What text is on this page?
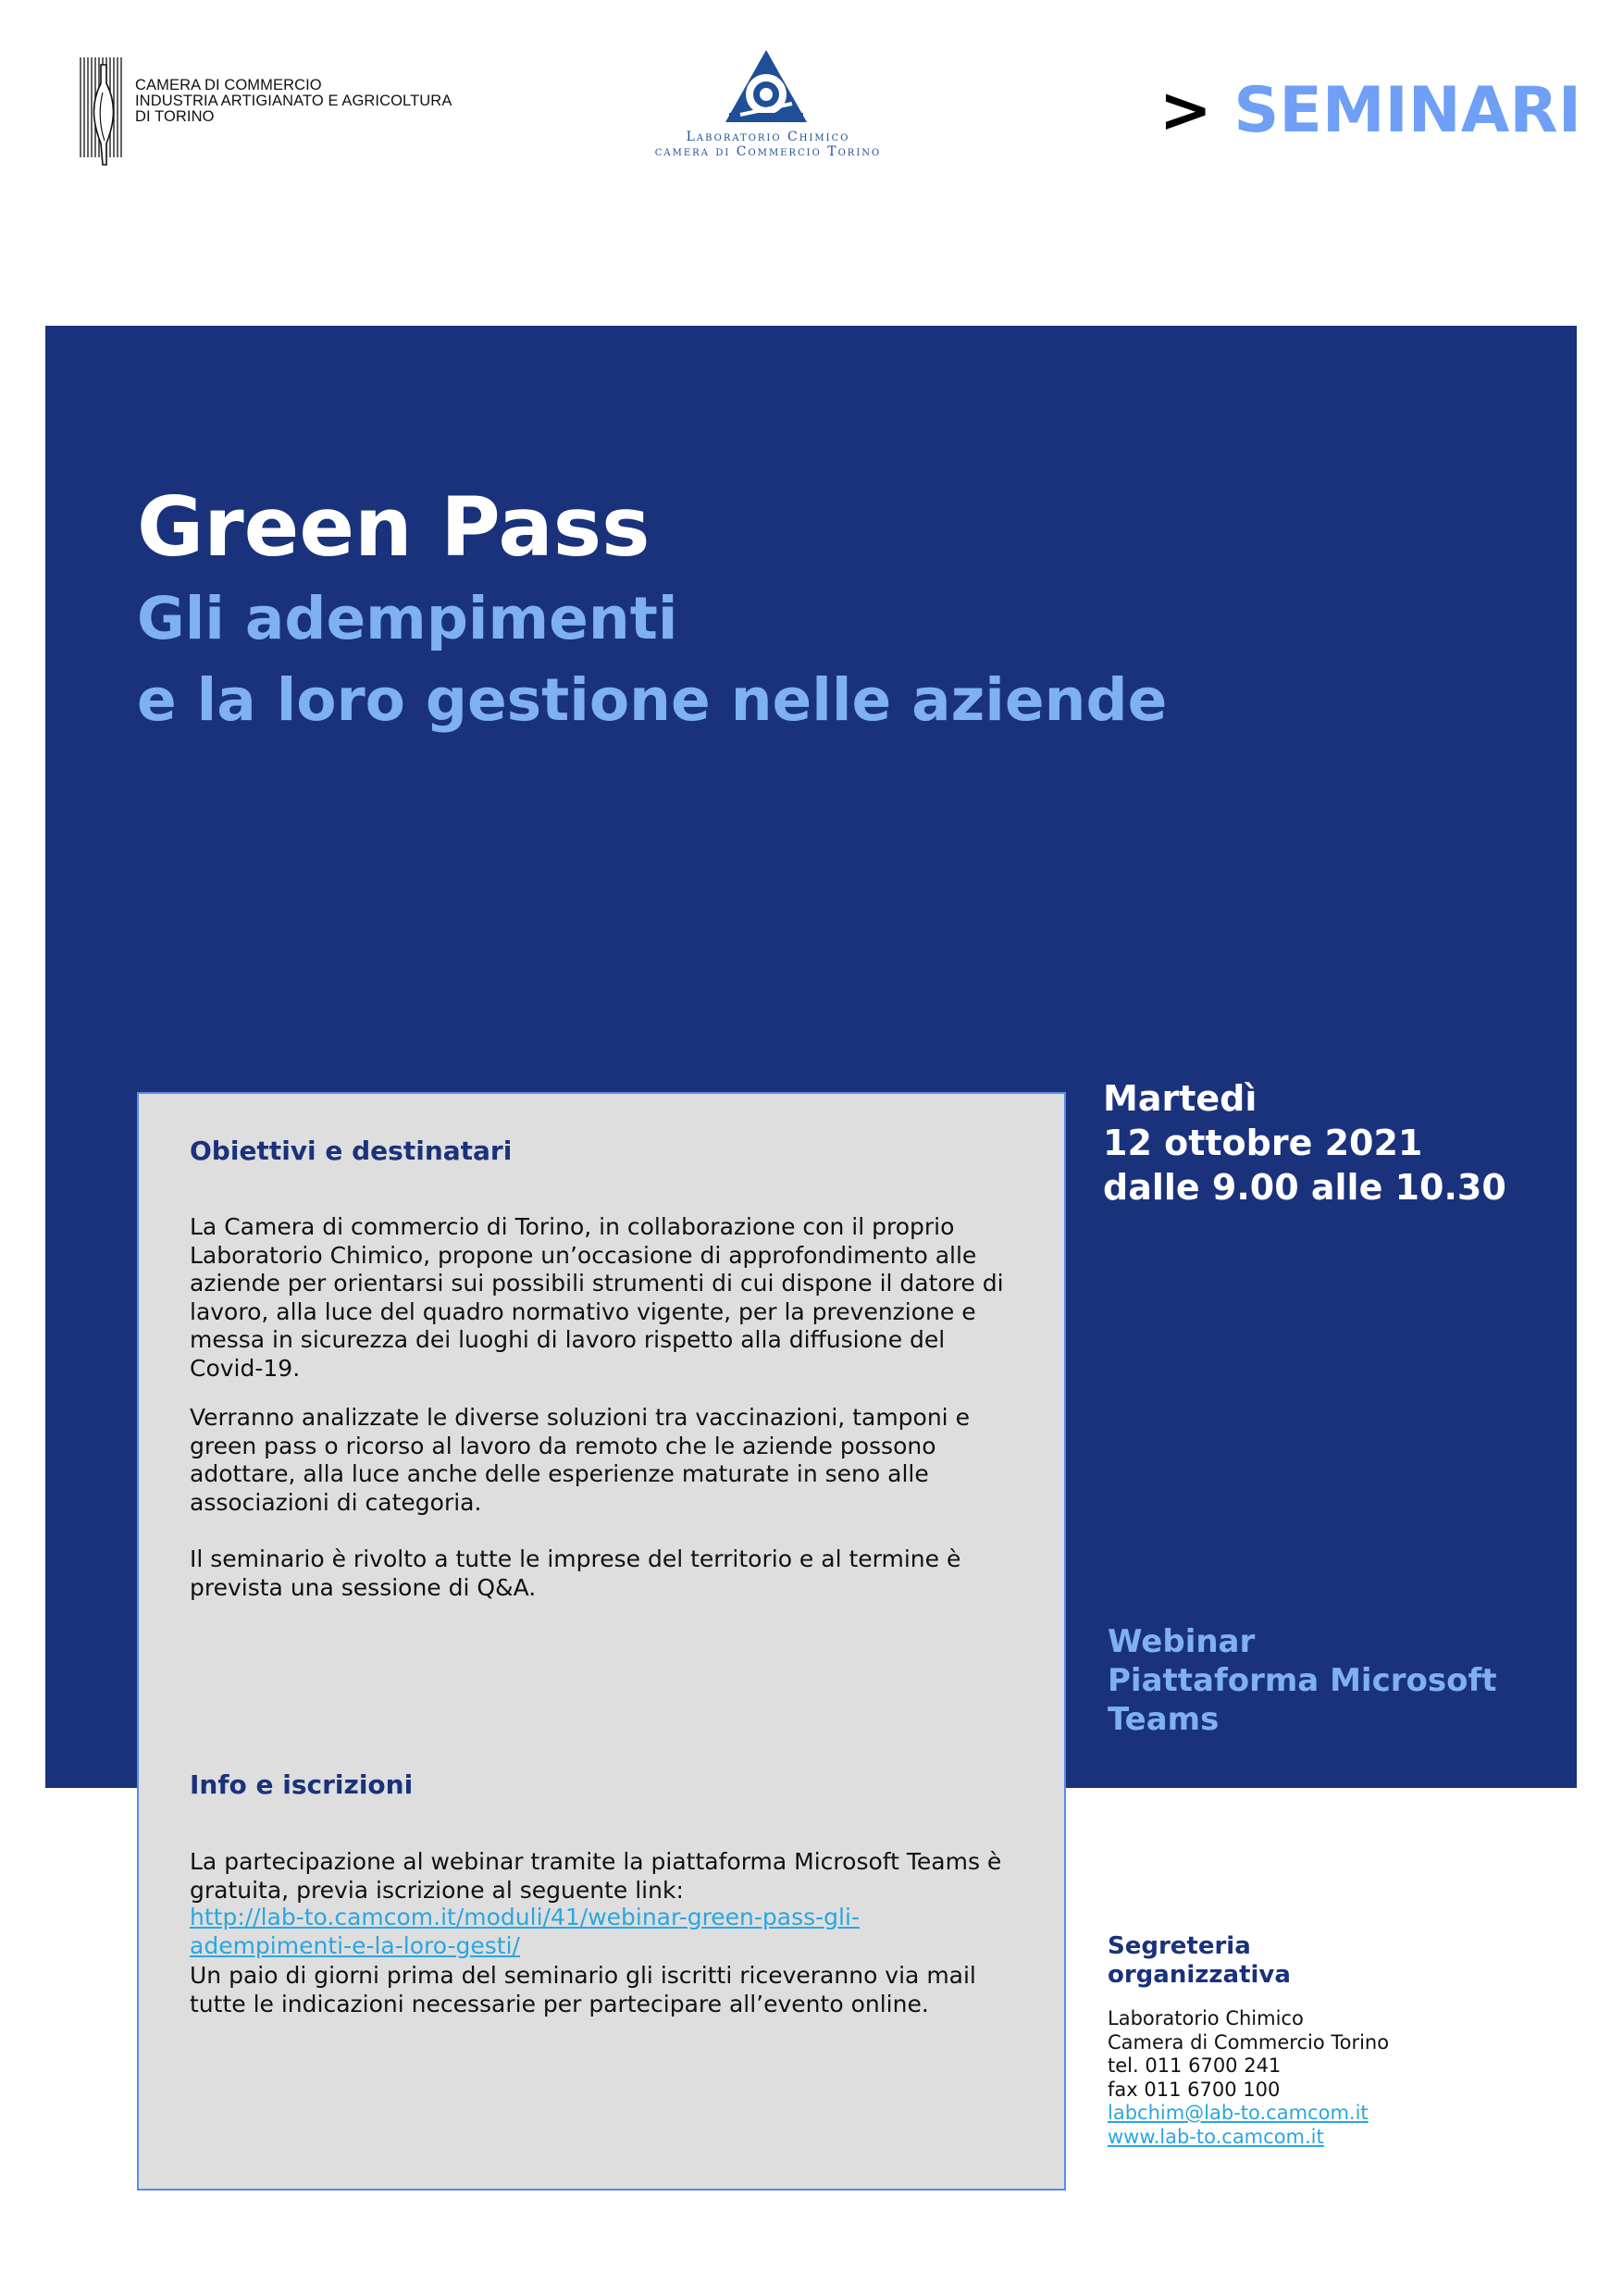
CAMERA DI COMMERCIO
INDUSTRIA ARTIGIANATO E AGRICOLTURA
DI TORINO
Laboratorio Chimico
camera di Commercio Torino
> SEMINARI
Green Pass
Gli adempimenti
e la loro gestione nelle aziende
Martedì
12 ottobre 2021
dalle 9.00 alle 10.30
Webinar
Piattaforma Microsoft
Teams
Obiettivi e destinatari
La Camera di commercio di Torino, in collaborazione con il proprio
Laboratorio Chimico, propone un’occasione di approfondimento alle
aziende per orientarsi sui possibili strumenti di cui dispone il datore di
lavoro, alla luce del quadro normativo vigente, per la prevenzione e
messa in sicurezza dei luoghi di lavoro rispetto alla diffusione del
Covid-19.
Verranno analizzate le diverse soluzioni tra vaccinazioni, tamponi e
green pass o ricorso al lavoro da remoto che le aziende possono
adottare, alla luce anche delle esperienze maturate in seno alle
associazioni di categoria.
Il seminario è rivolto a tutte le imprese del territorio e al termine è
prevista una sessione di Q&A.
Info e iscrizioni
La partecipazione al webinar tramite la piattaforma Microsoft Teams è
gratuita, previa iscrizione al seguente link:
http://lab-to.camcom.it/moduli/41/webinar-green-pass-gli-
adempimenti-e-la-loro-gesti/
Un paio di giorni prima del seminario gli iscritti riceveranno via mail
tutte le indicazioni necessarie per partecipare all’evento online.
Segreteria
organizzativa
Laboratorio Chimico
Camera di Commercio Torino
tel. 011 6700 241
fax 011 6700 100
labchim@lab-to.camcom.it
www.lab-to.camcom.it
